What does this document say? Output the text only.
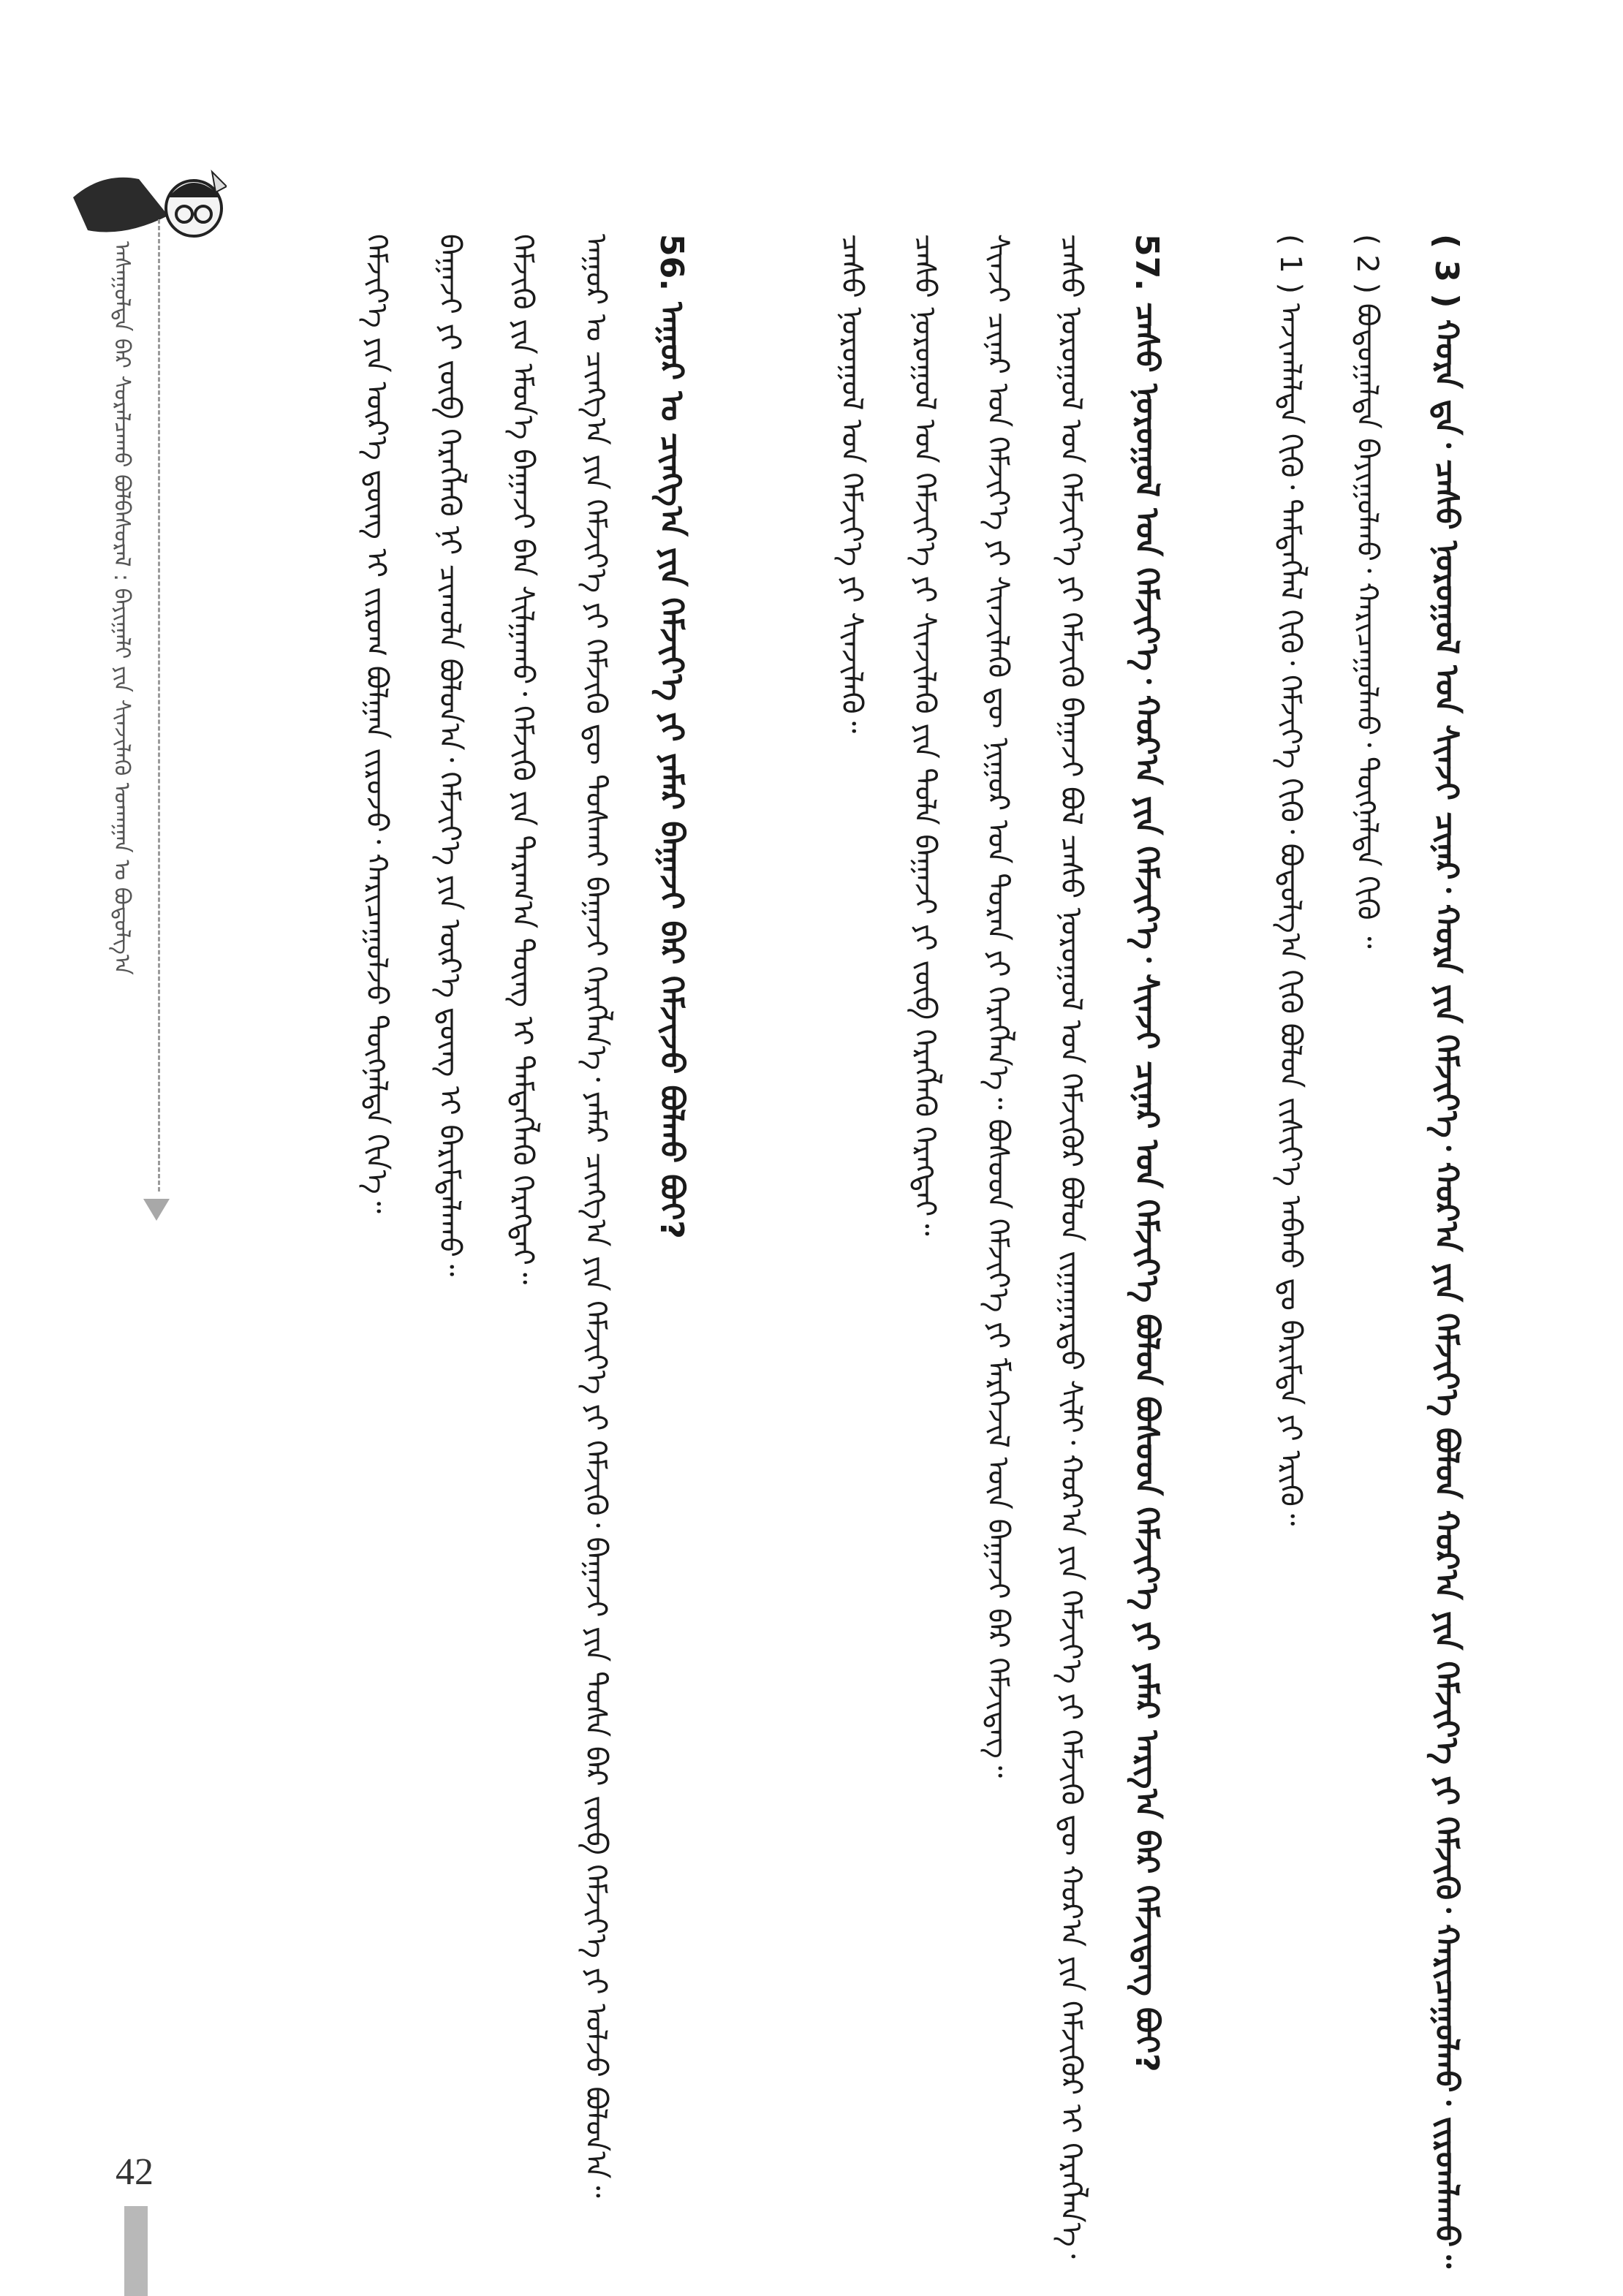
ᠠᠰᠠᠭᠤᠯᠲᠠ ᠪᠡᠷ ᠰᠤᠷᠠᠯᠴᠠᠬᠤ ᠪᠣᠯᠪᠠᠰᠤᠷᠠᠯ : ᠪᠠᠶᠢᠭᠠᠯᠢ ᠶᠢᠨ ᠰᠢᠨᠵᠢᠯᠡᠬᠦ ᠤᠬᠠᠭᠠᠨ ᠤ ᠪᠣᠳᠣᠯᠭ᠎ᠠ	( 3 ) ᠬᠤᠷᠠ ᠳᠠ᠂ ᠴᠠᠰᠤ ᠨᠣᠷᠣᠭᠤᠯ ᠤᠨ ᠰᠢᠨᠵᠢ ᠴᠢᠨᠠᠷ᠂ ᠬᠤᠷᠠ ᠶᠢᠨ ᠬᠡᠮᠵᠢᠶ᠎ᠡ᠂ ᠬᠤᠷ᠎ᠠ ᠶᠢᠨ ᠬᠡᠮᠵᠢᠶ᠎ᠡ ᠪᠣᠯᠤᠨ ᠬᠤᠷ᠎ᠠ ᠶᠢᠨ ᠬᠡᠮᠵᠢᠶ᠎ᠡ ᠶᠢ ᠬᠡᠮᠵᠢᠬᠦ᠂ ᠬᠠᠷᠢᠴᠠᠭᠤᠯᠬᠤ᠂ ᠵᠢᠷᠤᠭᠯᠠᠬᠤ᠃
( 2 ) ᠪᠣᠳᠣᠭᠠᠯᠳᠠ ᠪᠠᠶᠢᠭᠤᠯᠬᠤ᠂ ᠬᠠᠷᠢᠴᠠᠭᠤᠯᠬᠤ᠂ ᠳᠦᠭᠨᠡᠯᠲᠡ ᠬᠢᠬᠦ ᠃
( 1 ) ᠠᠵᠢᠭᠯᠠᠯᠲᠠ ᠬᠢᠬᠦ᠂ ᠲᠡᠮᠳᠡᠭᠯᠡᠯ ᠬᠢᠬᠦ᠂ ᠬᠡᠮᠵᠢᠶ᠎ᠡ ᠬᠢᠬᠦ᠂ ᠪᠣᠳᠣᠯᠭ᠎ᠠ ᠬᠢᠬᠦ ᠪᠣᠯᠤᠨ ᠵᠢᠰᠢᠶ᠎ᠡ ᠠᠪᠬᠤ ᠳᠤ ᠪᠠᠷᠢᠮᠲᠠ ᠶᠢ ᠡᠷᠢᠬᠦ᠃
57. ᠴᠠᠰᠤ ᠨᠣᠷᠣᠭᠤᠯ ᠤᠨ ᠬᠡᠮᠵᠢᠶ᠎ᠡ᠂ ᠬᠤᠷ᠎ᠠ ᠶᠢᠨ ᠬᠡᠮᠵᠢᠶ᠎ᠡ᠂ ᠰᠢᠨᠵᠢ ᠴᠢᠨᠠᠷ ᠤᠨ ᠬᠡᠮᠵᠢᠶ᠎ᠡ ᠪᠣᠯᠤᠨ ᠪᠤᠰᠤᠳ ᠬᠡᠮᠵᠢᠶ᠎ᠡ ᠶᠢ ᠶᠠᠮᠠᠷ ᠠᠷᠭ᠎ᠠ ᠪᠡᠷ ᠬᠡᠮᠵᠢᠳᠡᠭ ᠪᠤᠢ?
ᠴᠠᠰᠤ ᠨᠣᠷᠣᠭᠤᠯ ᠤᠨ ᠬᠡᠮᠵᠢᠶ᠎ᠡ ᠶᠢ ᠬᠡᠮᠵᠢᠬᠦ ᠪᠠᠭᠠᠵᠢ ᠪᠣᠯ ᠴᠠᠰᠤ ᠨᠣᠷᠣᠭᠤᠯ ᠤᠨ ᠬᠡᠮᠵᠢᠭᠦᠷ ᠪᠣᠯᠤᠨ ᠵᠢᠭᠠᠭᠠᠷᠲᠤ ᠰᠢᠯᠢ᠂ ᠬᠤᠷ᠎ᠠ ᠶᠢᠨ ᠬᠡᠮᠵᠢᠶ᠎ᠡ ᠶᠢ ᠬᠡᠮᠵᠢᠬᠦ ᠳᠦ ᠬᠤᠷ᠎ᠠ ᠶᠢᠨ ᠬᠡᠮᠵᠢᠭᠦᠷ ᠢ ᠬᠡᠷᠡᠭᠯᠡᠨ᠎ᠡ᠂
ᠰᠢᠨᠵᠢ ᠴᠢᠨᠠᠷ ᠤᠨ ᠬᠡᠮᠵᠢᠶ᠎ᠡ ᠶᠢ ᠰᠢᠨᠵᠢᠯᠡᠬᠦ ᠳᠦ ᠨᠢᠭᠤᠷ ᠤᠨ ᠳᠤᠷᠠᠨ ᠶᠢ ᠬᠡᠷᠡᠭᠯᠡᠨ᠎ᠡ᠃ ᠪᠤᠰᠤᠳ ᠬᠡᠮᠵᠢᠶ᠎ᠡ ᠶᠢ ᠮᠡᠷᠭᠡᠵᠢᠯ ᠦᠨ ᠪᠠᠭᠠᠵᠢ ᠪᠡᠷ ᠬᠡᠮᠵᠢᠳᠡᠭ᠃
ᠴᠠᠰᠤ ᠨᠣᠷᠣᠭᠤᠯ ᠤᠨ ᠬᠡᠮᠵᠢᠶ᠎ᠡ ᠶᠢ ᠰᠢᠨᠵᠢᠯᠡᠬᠦ ᠶᠢᠨ ᠲᠤᠯᠠ ᠪᠠᠭᠠᠵᠢ ᠶᠢ ᠵᠥᠪ ᠬᠡᠷᠡᠭᠯᠡᠬᠦ ᠬᠡᠷᠡᠭᠲᠡᠢ᠃
ᠴᠠᠰᠤ ᠨᠣᠷᠣᠭᠤᠯ ᠤᠨ ᠬᠡᠮᠵᠢᠶ᠎ᠡ ᠶᠢ ᠰᠢᠨᠵᠢᠯᠡᠬᠦ᠃
56. ᠠᠭᠤᠷ ᠤ ᠴᠢᠩᠭ᠎ᠠ ᠶᠢᠨ ᠬᠡᠮᠵᠢᠶ᠎ᠡ ᠶᠢ ᠶᠠᠮᠠᠷ ᠪᠠᠭᠠᠵᠢ ᠪᠡᠷ ᠬᠡᠮᠵᠢᠵᠦ ᠪᠣᠯᠬᠤ ᠪᠤᠢ?
ᠠᠭᠤᠷ ᠤ ᠴᠢᠩᠭ᠎ᠠ ᠶᠢᠨ ᠬᠡᠮᠵᠢᠶ᠎ᠡ ᠶᠢ ᠬᠡᠮᠵᠢᠬᠦ ᠳᠦ ᠲᠤᠰᠬᠠᠢ ᠪᠠᠭᠠᠵᠢ ᠬᠡᠷᠡᠭᠯᠡᠨ᠎ᠡ᠂ ᠶᠠᠮᠠᠷ ᠴᠢᠩᠭ᠎ᠠ ᠶᠢᠨ ᠬᠡᠮᠵᠢᠶ᠎ᠡ ᠶᠢ ᠬᠡᠮᠵᠢᠬᠦ᠂ ᠪᠠᠭᠠᠵᠢ ᠶᠢᠨ ᠲᠤᠰᠠ ᠪᠠᠷ ᠵᠥᠪ ᠬᠡᠮᠵᠢᠶ᠎ᠡ ᠶᠢ ᠣᠯᠵᠤ ᠪᠣᠯᠤᠨ᠎ᠠ᠃
ᠬᠡᠮᠵᠢᠬᠦ ᠶᠢᠨ ᠡᠮᠦᠨ᠎ᠡ ᠪᠠᠭᠠᠵᠢ ᠪᠡᠨ ᠰᠢᠯᠭᠠᠬᠤ᠂ ᠬᠡᠮᠵᠢᠬᠦ ᠶᠢᠨ ᠳᠠᠷᠠᠭ᠎ᠠ ᠳᠦᠩ ᠢ ᠲᠡᠮᠳᠡᠭᠯᠡᠬᠦ ᠬᠡᠷᠡᠭᠲᠡᠢ᠃
ᠪᠠᠭᠠᠵᠢ ᠶᠢ ᠵᠥᠪ ᠬᠡᠷᠡᠭᠯᠡᠬᠦ ᠨᠢ ᠴᠢᠬᠤᠯᠠ ᠪᠣᠯᠤᠨ᠎ᠠ᠂ ᠬᠡᠮᠵᠢᠶ᠎ᠡ ᠶᠢᠨ ᠦᠷ᠎ᠡ ᠳ᠋ᠦᠩ ᠢ ᠪᠠᠷᠢᠮᠲᠠᠯᠠᠬᠤ᠃
ᠬᠡᠮᠵᠢᠶ᠎ᠡ ᠶᠢᠨ ᠦᠷ᠎ᠡ ᠳ᠋ᠦᠩ ᠢ ᠵᠢᠷᠤᠭ ᠪᠣᠯᠭᠠᠨ ᠵᠢᠷᠤᠵᠤ᠂ ᠬᠠᠷᠢᠴᠠᠭᠤᠯᠵᠤ ᠳᠦᠭᠨᠡᠯᠲᠡ ᠬᠢᠨ᠎ᠡ᠃
42
